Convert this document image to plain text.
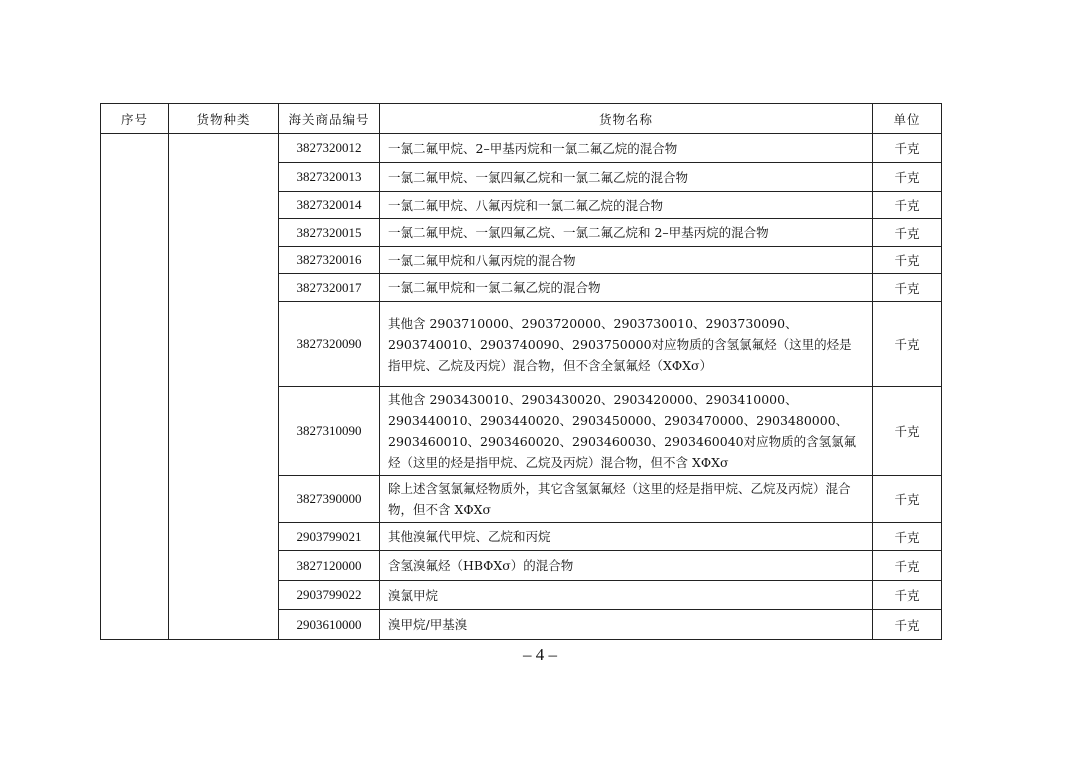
序号	货物种类	海关商品编号	货物名称	单位
		3827320012	一氯二氟甲烷、2–甲基丙烷和一氯二氟乙烷的混合物	千克
		3827320013	一氯二氟甲烷、一氯四氟乙烷和一氯二氟乙烷的混合物	千克
		3827320014	一氯二氟甲烷、八氟丙烷和一氯二氟乙烷的混合物	千克
		3827320015	一氯二氟甲烷、一氯四氟乙烷、一氯二氟乙烷和 2–甲基丙烷的混合物	千克
		3827320016	一氯二氟甲烷和八氟丙烷的混合物	千克
		3827320017	一氯二氟甲烷和一氯二氟乙烷的混合物	千克
		3827320090	其他含 2903710000、2903720000、2903730010、2903730090、2903740010、2903740090、2903750000对应物质的含氢氯氟烃（这里的烃是指甲烷、乙烷及丙烷）混合物，但不含全氯氟烃（XΦXσ）	千克
		3827310090	其他含 2903430010、2903430020、2903420000、2903410000、2903440010、2903440020、2903450000、2903470000、2903480000、2903460010、2903460020、2903460030、2903460040对应物质的含氢氯氟烃（这里的烃是指甲烷、乙烷及丙烷）混合物，但不含 XΦXσ	千克
		3827390000	除上述含氢氯氟烃物质外，其它含氢氯氟烃（这里的烃是指甲烷、乙烷及丙烷）混合物，但不含 XΦXσ	千克
		2903799021	其他溴氟代甲烷、乙烷和丙烷	千克
		3827120000	含氢溴氟烃（HBΦXσ）的混合物	千克
		2903799022	溴氯甲烷	千克
		2903610000	溴甲烷/甲基溴	千克
– 4 –
